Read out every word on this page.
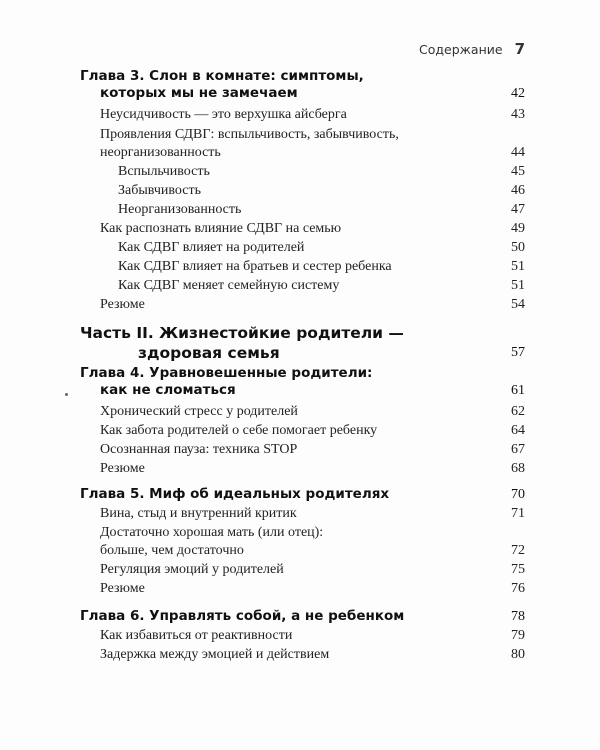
Содержание 7
Глава 3. Слон в комнате: симптомы,
которых мы не замечаем	42
Неусидчивость — это верхушка айсберга	43
Проявления СДВГ: вспыльчивость, забывчивость,
неорганизованность	44
Вспыльчивость	45
Забывчивость	46
Неорганизованность	47
Как распознать влияние СДВГ на семью	49
Как СДВГ влияет на родителей	50
Как СДВГ влияет на братьев и сестер ребенка	51
Как СДВГ меняет семейную систему	51
Резюме	54
Часть II. Жизнестойкие родители —
здоровая семья	57
Глава 4. Уравновешенные родители:
как не сломаться	61
Хронический стресс у родителей	62
Как забота родителей о себе помогает ребенку	64
Осознанная пауза: техника STOP	67
Резюме	68
Глава 5. Миф об идеальных родителях	70
Вина, стыд и внутренний критик	71
Достаточно хорошая мать (или отец):
больше, чем достаточно	72
Регуляция эмоций у родителей	75
Резюме	76
Глава 6. Управлять собой, а не ребенком	78
Как избавиться от реактивности	79
Задержка между эмоцией и действием	80
